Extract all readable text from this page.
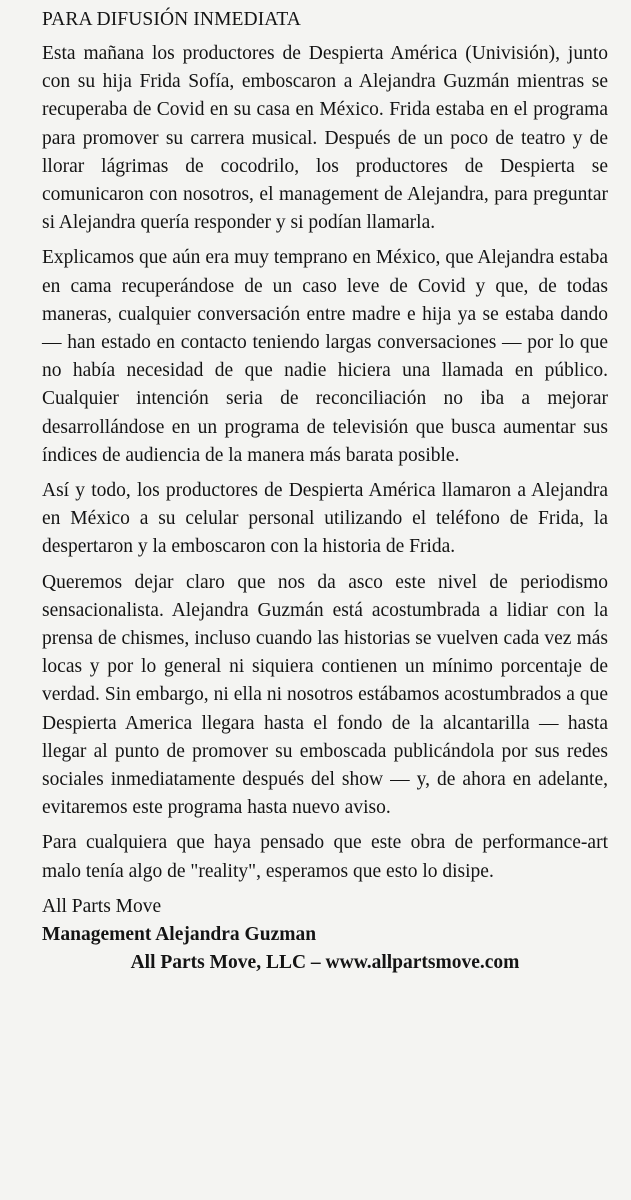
PARA DIFUSIÓN INMEDIATA

Esta mañana los productores de Despierta América (Univisión), junto con su hija Frida Sofía, emboscaron a Alejandra Guzmán mientras se recuperaba de Covid en su casa en México. Frida estaba en el programa para promover su carrera musical. Después de un poco de teatro y de llorar lágrimas de cocodrilo, los productores de Despierta se comunicaron con nosotros, el management de Alejandra, para preguntar si Alejandra quería responder y si podían llamarla.

Explicamos que aún era muy temprano en México, que Alejandra estaba en cama recuperándose de un caso leve de Covid y que, de todas maneras, cualquier conversación entre madre e hija ya se estaba dando — han estado en contacto teniendo largas conversaciones — por lo que no había necesidad de que nadie hiciera una llamada en público. Cualquier intención seria de reconciliación no iba a mejorar desarrollándose en un programa de televisión que busca aumentar sus índices de audiencia de la manera más barata posible.

Así y todo, los productores de Despierta América llamaron a Alejandra en México a su celular personal utilizando el teléfono de Frida, la despertaron y la emboscaron con la historia de Frida.

Queremos dejar claro que nos da asco este nivel de periodismo sensacionalista. Alejandra Guzmán está acostumbrada a lidiar con la prensa de chismes, incluso cuando las historias se vuelven cada vez más locas y por lo general ni siquiera contienen un mínimo porcentaje de verdad. Sin embargo, ni ella ni nosotros estábamos acostumbrados a que Despierta America llegara hasta el fondo de la alcantarilla — hasta llegar al punto de promover su emboscada publicándola por sus redes sociales inmediatamente después del show — y, de ahora en adelante, evitaremos este programa hasta nuevo aviso.

Para cualquiera que haya pensado que este obra de performance-art malo tenía algo de "reality", esperamos que esto lo disipe.

All Parts Move

Management Alejandra Guzman

All Parts Move, LLC – www.allpartsmove.com
